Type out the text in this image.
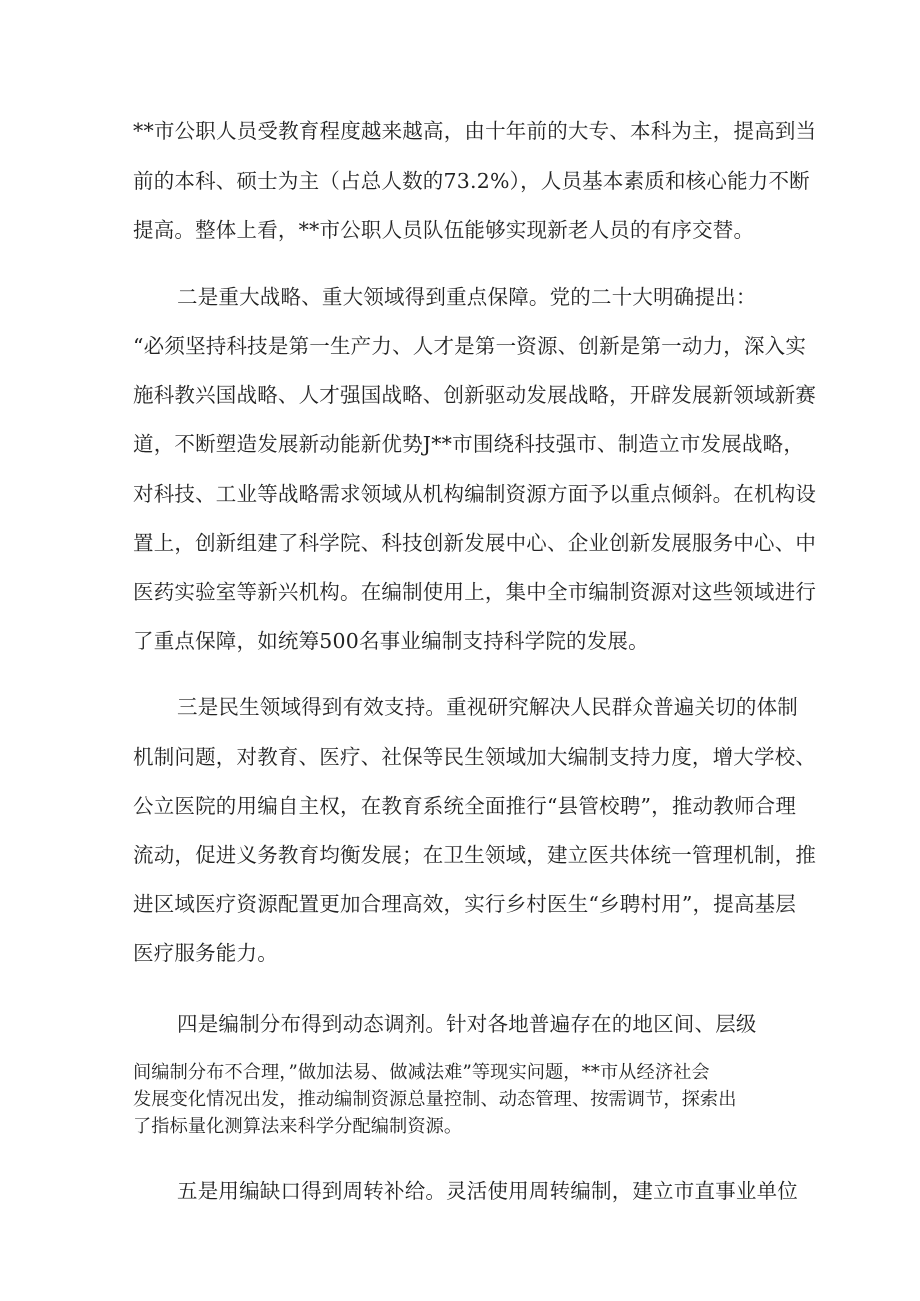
**市公职人员受教育程度越来越高，由十年前的大专、本科为主，提高到当
前的本科、硕士为主（占总人数的73.2%），人员基本素质和核心能力不断
提高。整体上看，**市公职人员队伍能够实现新老人员的有序交替。
二是重大战略、重大领域得到重点保障。党的二十大明确提出：
“必须坚持科技是第一生产力、人才是第一资源、创新是第一动力，深入实
施科教兴国战略、人才强国战略、创新驱动发展战略，开辟发展新领域新赛
道，不断塑造发展新动能新优势J**市围绕科技强市、制造立市发展战略，
对科技、工业等战略需求领域从机构编制资源方面予以重点倾斜。在机构设
置上，创新组建了科学院、科技创新发展中心、企业创新发展服务中心、中
医药实验室等新兴机构。在编制使用上，集中全市编制资源对这些领域进行
了重点保障，如统筹500名事业编制支持科学院的发展。
三是民生领域得到有效支持。重视研究解决人民群众普遍关切的体制
机制问题，对教育、医疗、社保等民生领域加大编制支持力度，增大学校、
公立医院的用编自主权，在教育系统全面推行“县管校聘”，推动教师合理
流动，促进义务教育均衡发展；在卫生领域，建立医共体统一管理机制，推
进区域医疗资源配置更加合理高效，实行乡村医生“乡聘村用”，提高基层
医疗服务能力。
四是编制分布得到动态调剂。针对各地普遍存在的地区间、层级
间编制分布不合理，”做加法易、做减法难”等现实问题，**市从经济社会
发展变化情况出发，推动编制资源总量控制、动态管理、按需调节，探索出
了指标量化测算法来科学分配编制资源。
五是用编缺口得到周转补给。灵活使用周转编制，建立市直事业单位
